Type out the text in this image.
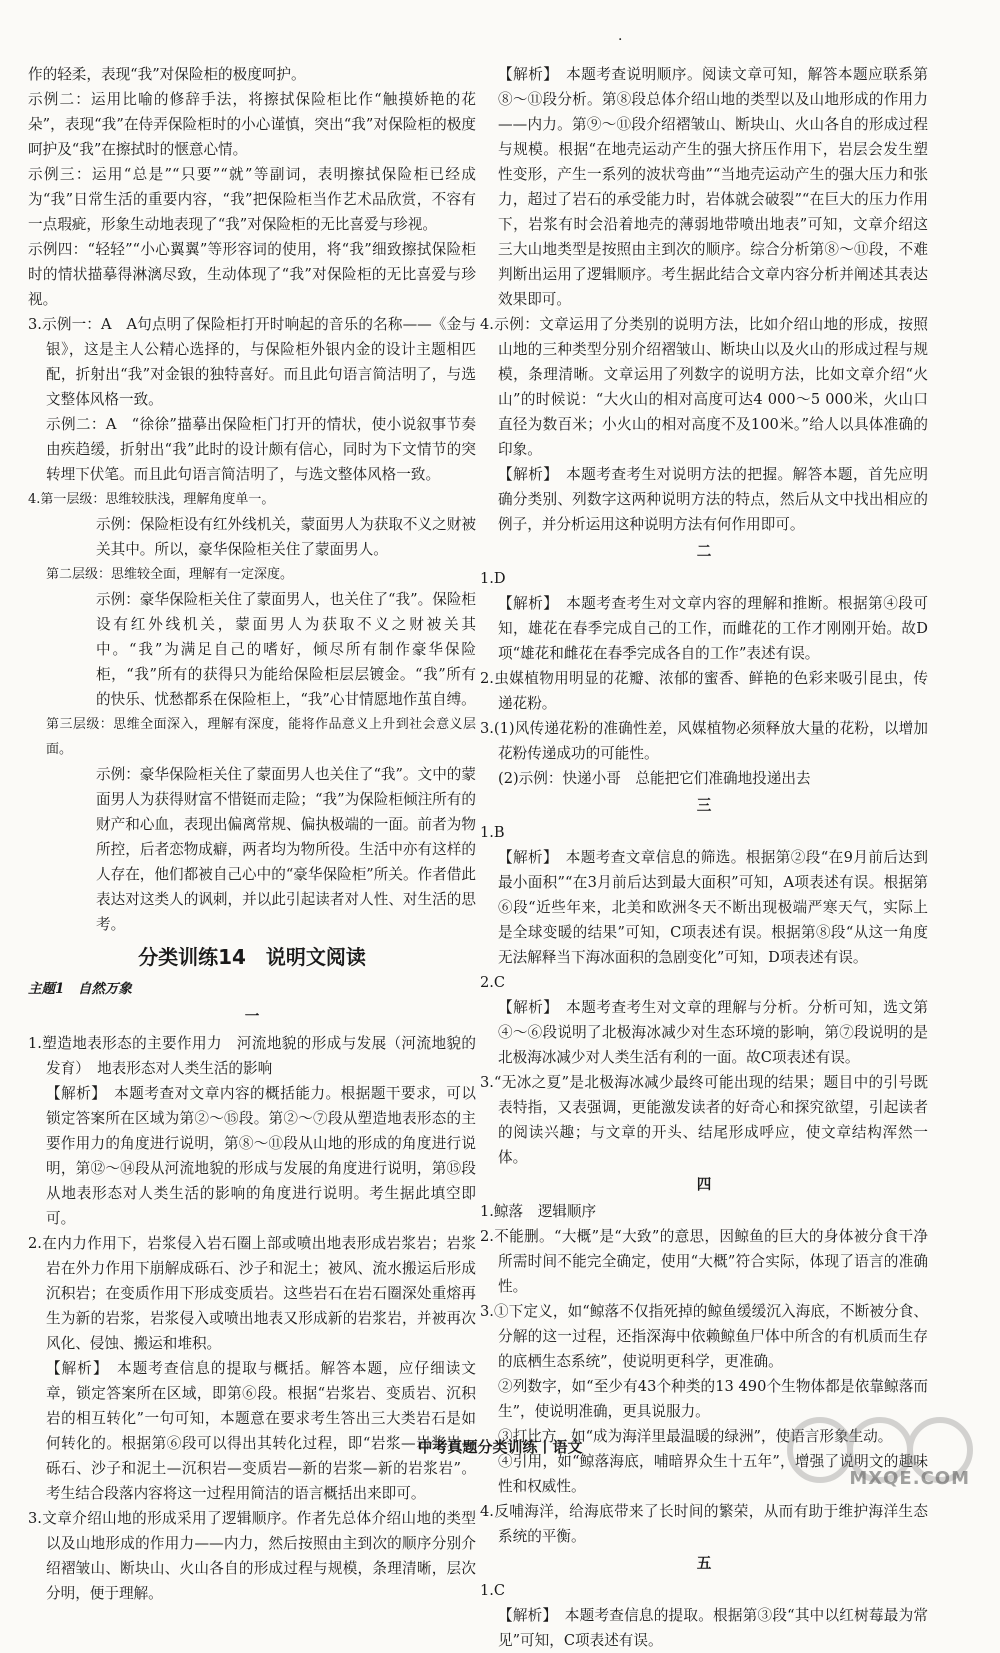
·
作的轻柔，表现“我”对保险柜的极度呵护。
示例二：运用比喻的修辞手法，将擦拭保险柜比作“触摸娇艳的花朵”，表现“我”在侍弄保险柜时的小心谨慎，突出“我”对保险柜的极度呵护及“我”在擦拭时的惬意心情。
示例三：运用“总是”“只要”“就”等副词，表明擦拭保险柜已经成为“我”日常生活的重要内容，“我”把保险柜当作艺术品欣赏，不容有一点瑕疵，形象生动地表现了“我”对保险柜的无比喜爱与珍视。
示例四：“轻轻”“小心翼翼”等形容词的使用，将“我”细致擦拭保险柜时的情状描摹得淋漓尽致，生动体现了“我”对保险柜的无比喜爱与珍视。
3.示例一：A　A句点明了保险柜打开时响起的音乐的名称——《金与银》，这是主人公精心选择的，与保险柜外银内金的设计主题相匹配，折射出“我”对金银的独特喜好。而且此句语言简洁明了，与选文整体风格一致。
示例二：A　“徐徐”描摹出保险柜门打开的情状，使小说叙事节奏由疾趋缓，折射出“我”此时的设计颇有信心，同时为下文情节的突转埋下伏笔。而且此句语言简洁明了，与选文整体风格一致。
4.第一层级：思维较肤浅，理解角度单一。
示例：保险柜设有红外线机关，蒙面男人为获取不义之财被关其中。所以，豪华保险柜关住了蒙面男人。
第二层级：思维较全面，理解有一定深度。
示例：豪华保险柜关住了蒙面男人，也关住了“我”。保险柜设有红外线机关，蒙面男人为获取不义之财被关其中。“我”为满足自己的嗜好，倾尽所有制作豪华保险柜，“我”所有的获得只为能给保险柜层层镀金。“我”所有的快乐、忧愁都系在保险柜上，“我”心甘情愿地作茧自缚。
第三层级：思维全面深入，理解有深度，能将作品意义上升到社会意义层面。
示例：豪华保险柜关住了蒙面男人也关住了“我”。文中的蒙面男人为获得财富不惜铤而走险；“我”为保险柜倾注所有的财产和心血，表现出偏离常规、偏执极端的一面。前者为物所控，后者恋物成癖，两者均为物所役。生活中亦有这样的人存在，他们都被自己心中的“豪华保险柜”所关。作者借此表达对这类人的讽刺，并以此引起读者对人性、对生活的思考。
分类训练14　说明文阅读
主题1　自然万象
一
1.塑造地表形态的主要作用力　河流地貌的形成与发展（河流地貌的发育）　地表形态对人类生活的影响
【解析】　本题考查对文章内容的概括能力。根据题干要求，可以锁定答案所在区域为第②～⑮段。第②～⑦段从塑造地表形态的主要作用力的角度进行说明，第⑧～⑪段从山地的形成的角度进行说明，第⑫～⑭段从河流地貌的形成与发展的角度进行说明，第⑮段从地表形态对人类生活的影响的角度进行说明。考生据此填空即可。
2.在内力作用下，岩浆侵入岩石圈上部或喷出地表形成岩浆岩；岩浆岩在外力作用下崩解成砾石、沙子和泥土；被风、流水搬运后形成沉积岩；在变质作用下形成变质岩。这些岩石在岩石圈深处重熔再生为新的岩浆，岩浆侵入或喷出地表又形成新的岩浆岩，并被再次风化、侵蚀、搬运和堆积。
【解析】　本题考查信息的提取与概括。解答本题，应仔细读文章，锁定答案所在区域，即第⑥段。根据“岩浆岩、变质岩、沉积岩的相互转化”一句可知，本题意在要求考生答出三大类岩石是如何转化的。根据第⑥段可以得出其转化过程，即“岩浆—岩浆岩—砾石、沙子和泥土—沉积岩—变质岩—新的岩浆—新的岩浆岩”。考生结合段落内容将这一过程用简洁的语言概括出来即可。
3.文章介绍山地的形成采用了逻辑顺序。作者先总体介绍山地的类型以及山地形成的作用力——内力，然后按照由主到次的顺序分别介绍褶皱山、断块山、火山各自的形成过程与规模，条理清晰，层次分明，便于理解。
【解析】　本题考查说明顺序。阅读文章可知，解答本题应联系第⑧～⑪段分析。第⑧段总体介绍山地的类型以及山地形成的作用力——内力。第⑨～⑪段介绍褶皱山、断块山、火山各自的形成过程与规模。根据“在地壳运动产生的强大挤压作用下，岩层会发生塑性变形，产生一系列的波状弯曲”“当地壳运动产生的强大压力和张力，超过了岩石的承受能力时，岩体就会破裂”“在巨大的压力作用下，岩浆有时会沿着地壳的薄弱地带喷出地表”可知，文章介绍这三大山地类型是按照由主到次的顺序。综合分析第⑧～⑪段，不难判断出运用了逻辑顺序。考生据此结合文章内容分析并阐述其表达效果即可。
4.示例：文章运用了分类别的说明方法，比如介绍山地的形成，按照山地的三种类型分别介绍褶皱山、断块山以及火山的形成过程与规模，条理清晰。文章运用了列数字的说明方法，比如文章介绍“火山”的时候说：“大火山的相对高度可达4 000～5 000米，火山口直径为数百米；小火山的相对高度不及100米。”给人以具体准确的印象。
【解析】　本题考查考生对说明方法的把握。解答本题，首先应明确分类别、列数字这两种说明方法的特点，然后从文中找出相应的例子，并分析运用这种说明方法有何作用即可。
二
1.D
【解析】　本题考查考生对文章内容的理解和推断。根据第④段可知，雄花在春季完成自己的工作，而雌花的工作才刚刚开始。故D项“雄花和雌花在春季完成各自的工作”表述有误。
2.虫媒植物用明显的花瓣、浓郁的蜜香、鲜艳的色彩来吸引昆虫，传递花粉。
3.(1)风传递花粉的准确性差，风媒植物必须释放大量的花粉，以增加花粉传递成功的可能性。
(2)示例：快递小哥　总能把它们准确地投递出去
三
1.B
【解析】　本题考查文章信息的筛选。根据第②段“在9月前后达到最小面积”“在3月前后达到最大面积”可知，A项表述有误。根据第⑥段“近些年来，北美和欧洲冬天不断出现极端严寒天气，实际上是全球变暖的结果”可知，C项表述有误。根据第⑧段“从这一角度无法解释当下海冰面积的急剧变化”可知，D项表述有误。
2.C
【解析】　本题考查考生对文章的理解与分析。分析可知，选文第④～⑥段说明了北极海冰减少对生态环境的影响，第⑦段说明的是北极海冰减少对人类生活有利的一面。故C项表述有误。
3.“无冰之夏”是北极海冰减少最终可能出现的结果；题目中的引号既表特指，又表强调，更能激发读者的好奇心和探究欲望，引起读者的阅读兴趣；与文章的开头、结尾形成呼应，使文章结构浑然一体。
四
1.鲸落　逻辑顺序
2.不能删。“大概”是“大致”的意思，因鲸鱼的巨大的身体被分食干净所需时间不能完全确定，使用“大概”符合实际，体现了语言的准确性。
3.①下定义，如“鲸落不仅指死掉的鲸鱼缓缓沉入海底，不断被分食、分解的这一过程，还指深海中依赖鲸鱼尸体中所含的有机质而生存的底栖生态系统”，使说明更科学，更准确。
②列数字，如“至少有43个种类的13 490个生物体都是依靠鲸落而生”，使说明准确，更具说服力。
③打比方，如“成为海洋里最温暖的绿洲”，使语言形象生动。
④引用，如“鲸落海底，哺暗界众生十五年”，增强了说明文的趣味性和权威性。
4.反哺海洋，给海底带来了长时间的繁荣，从而有助于维护海洋生态系统的平衡。
五
1.C
【解析】　本题考查信息的提取。根据第③段“其中以红树莓最为常见”可知，C项表述有误。
中考真题分类训练丨语文
MXQE.COM
